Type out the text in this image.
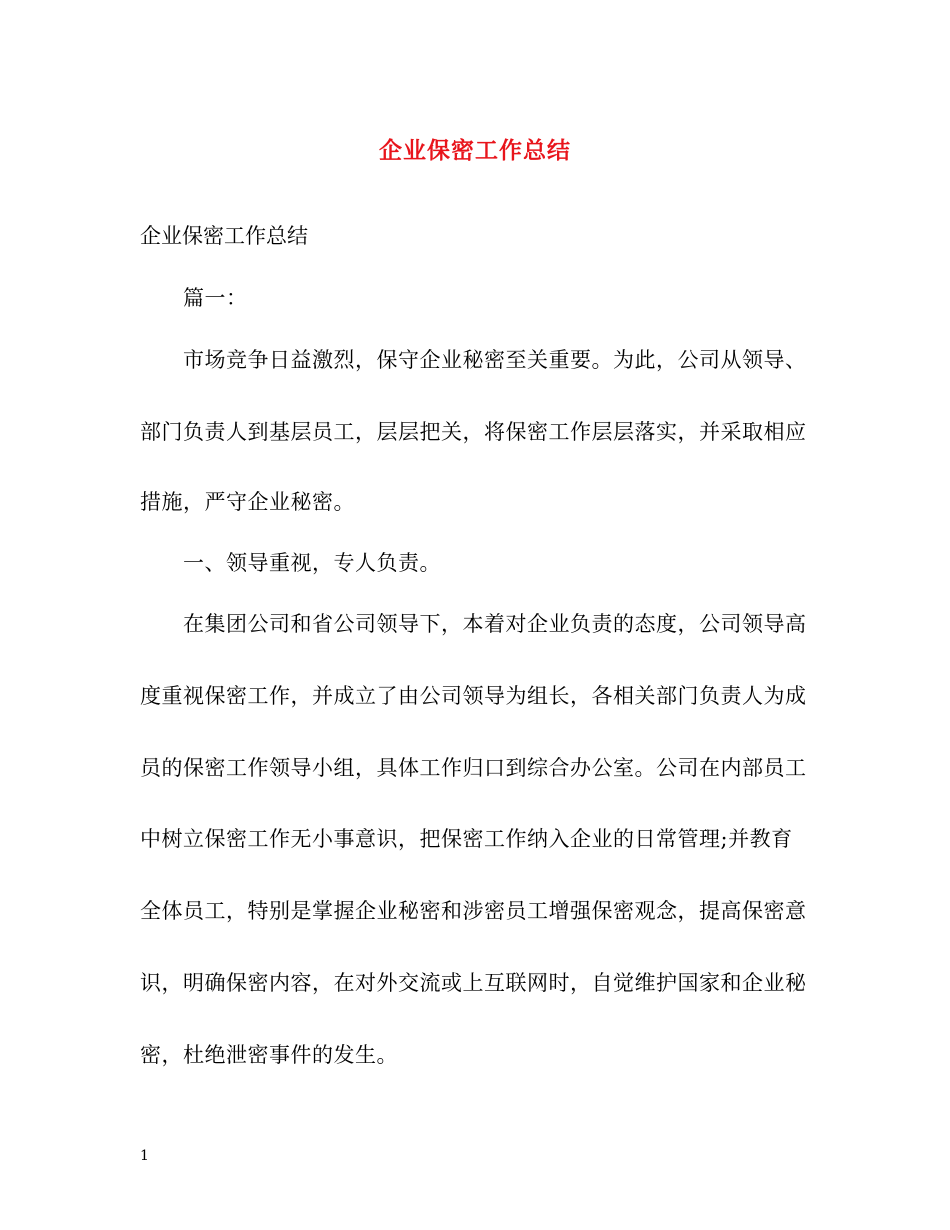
企业保密工作总结
企业保密工作总结
篇一：
市场竞争日益激烈，保守企业秘密至关重要。为此，公司从领导、
部门负责人到基层员工，层层把关，将保密工作层层落实，并采取相应
措施，严守企业秘密。
一、领导重视，专人负责。
在集团公司和省公司领导下，本着对企业负责的态度，公司领导高
度重视保密工作，并成立了由公司领导为组长，各相关部门负责人为成
员的保密工作领导小组，具体工作归口到综合办公室。公司在内部员工
中树立保密工作无小事意识，把保密工作纳入企业的日常管理;并教育
全体员工，特别是掌握企业秘密和涉密员工增强保密观念，提高保密意
识，明确保密内容，在对外交流或上互联网时，自觉维护国家和企业秘
密，杜绝泄密事件的发生。
1
